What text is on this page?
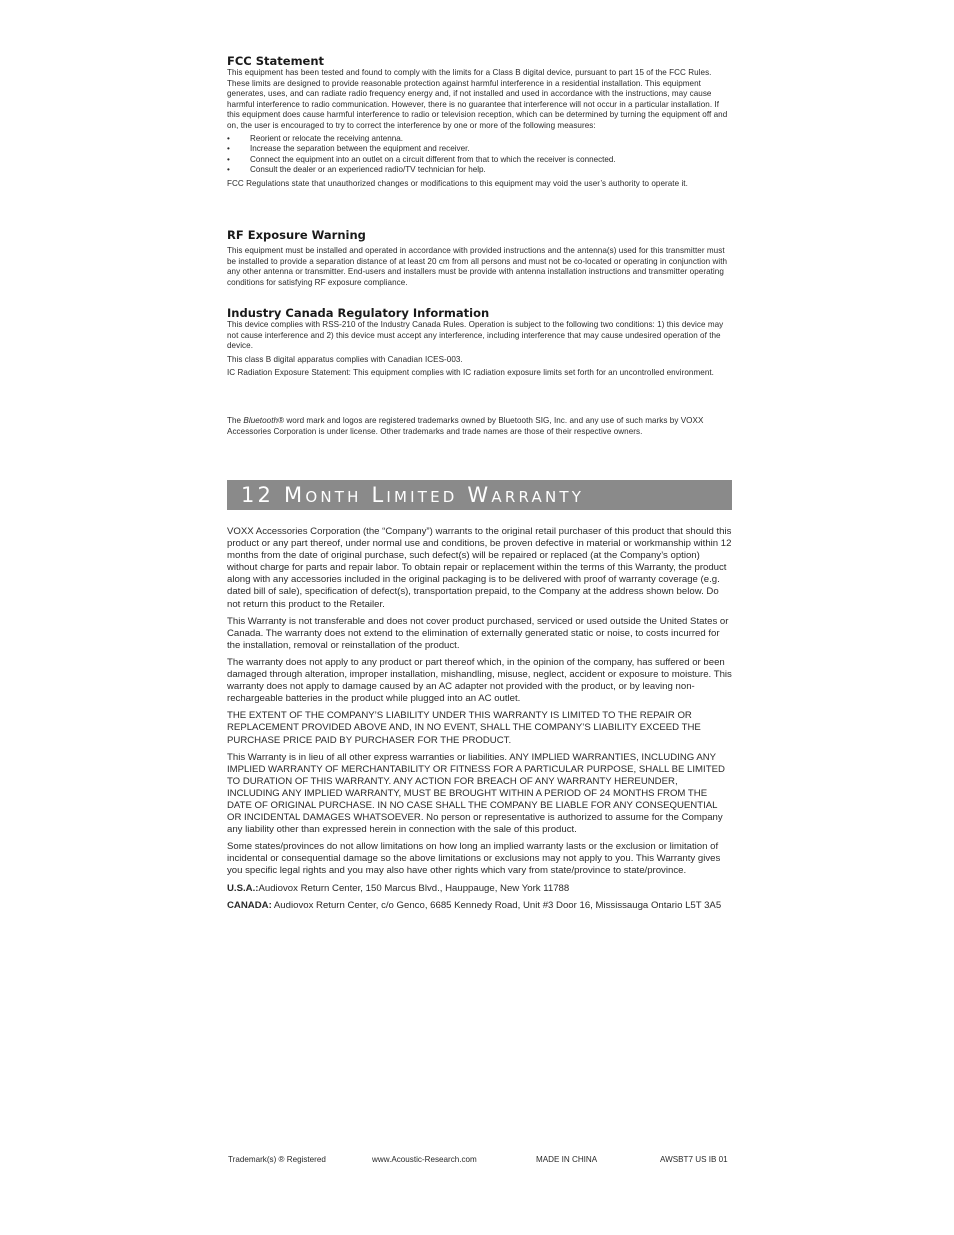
FCC Statement

This equipment has been tested and found to comply with the limits for a Class B digital device, pursuant to part 15 of the FCC Rules. These limits are designed to provide reasonable protection against harmful interference in a residential installation. This equipment generates, uses, and can radiate radio frequency energy and, if not installed and used in accordance with the instructions, may cause harmful interference to radio communication. However, there is no guarantee that interference will not occur in a particular installation. If this equipment does cause harmful interference to radio or television reception, which can be determined by turning the equipment off and on, the user is encouraged to try to correct the interference by one or more of the following measures:

• Reorient or relocate the receiving antenna.
• Increase the separation between the equipment and receiver.
• Connect the equipment into an outlet on a circuit different from that to which the receiver is connected.
• Consult the dealer or an experienced radio/TV technician for help.

FCC Regulations state that unauthorized changes or modifications to this equipment may void the user’s authority to operate it.

RF Exposure Warning

This equipment must be installed and operated in accordance with provided instructions and the antenna(s) used for this transmitter must be installed to provide a separation distance of at least 20 cm from all persons and must not be co-located or operating in conjunction with any other antenna or transmitter. End-users and installers must be provide with antenna installation instructions and transmitter operating conditions for satisfying RF exposure compliance.

Industry Canada Regulatory Information

This device complies with RSS-210 of the Industry Canada Rules. Operation is subject to the following two conditions: 1) this device may not cause interference and 2) this device must accept any interference, including interference that may cause undesired operation of the device.

This class B digital apparatus complies with Canadian ICES-003.

IC Radiation Exposure Statement: This equipment complies with IC radiation exposure limits set forth for an uncontrolled environment.

The Bluetooth® word mark and logos are registered trademarks owned by Bluetooth SIG, Inc. and any use of such marks by VOXX Accessories Corporation is under license. Other trademarks and trade names are those of their respective owners.

12 Month Limited Warranty

VOXX Accessories Corporation (the “Company”) warrants to the original retail purchaser of this product that should this product or any part thereof, under normal use and conditions, be proven defective in material or workmanship within 12 months from the date of original purchase, such defect(s) will be repaired or replaced (at the Company’s option) without charge for parts and repair labor. To obtain repair or replacement within the terms of this Warranty, the product along with any accessories included in the original packaging is to be delivered with proof of warranty coverage (e.g. dated bill of sale), specification of defect(s), transportation prepaid, to the Company at the address shown below. Do not return this product to the Retailer.

This Warranty is not transferable and does not cover product purchased, serviced or used outside the United States or Canada. The warranty does not extend to the elimination of externally generated static or noise, to costs incurred for the installation, removal or reinstallation of the product.

The warranty does not apply to any product or part thereof which, in the opinion of the company, has suffered or been damaged through alteration, improper installation, mishandling, misuse, neglect, accident or exposure to moisture. This warranty does not apply to damage caused by an AC adapter not provided with the product, or by leaving non-rechargeable batteries in the product while plugged into an AC outlet.

THE EXTENT OF THE COMPANY’S LIABILITY UNDER THIS WARRANTY IS LIMITED TO THE REPAIR OR REPLACEMENT PROVIDED ABOVE AND, IN NO EVENT, SHALL THE COMPANY’S LIABILITY EXCEED THE PURCHASE PRICE PAID BY PURCHASER FOR THE PRODUCT.

This Warranty is in lieu of all other express warranties or liabilities. ANY IMPLIED WARRANTIES, INCLUDING ANY IMPLIED WARRANTY OF MERCHANTABILITY OR FITNESS FOR A PARTICULAR PURPOSE, SHALL BE LIMITED TO DURATION OF THIS WARRANTY. ANY ACTION FOR BREACH OF ANY WARRANTY HEREUNDER, INCLUDING ANY IMPLIED WARRANTY, MUST BE BROUGHT WITHIN A PERIOD OF 24 MONTHS FROM THE DATE OF ORIGINAL PURCHASE. IN NO CASE SHALL THE COMPANY BE LIABLE FOR ANY CONSEQUENTIAL OR INCIDENTAL DAMAGES WHATSOEVER. No person or representative is authorized to assume for the Company any liability other than expressed herein in connection with the sale of this product.

Some states/provinces do not allow limitations on how long an implied warranty lasts or the exclusion or limitation of incidental or consequential damage so the above limitations or exclusions may not apply to you. This Warranty gives you specific legal rights and you may also have other rights which vary from state/province to state/province.

U.S.A.:Audiovox Return Center, 150 Marcus Blvd., Hauppauge, New York 11788

CANADA: Audiovox Return Center, c/o Genco, 6685 Kennedy Road, Unit #3 Door 16, Mississauga Ontario L5T 3A5

Trademark(s) ® Registered	www.Acoustic-Research.com	MADE IN CHINA	AWSBT7 US IB 01
